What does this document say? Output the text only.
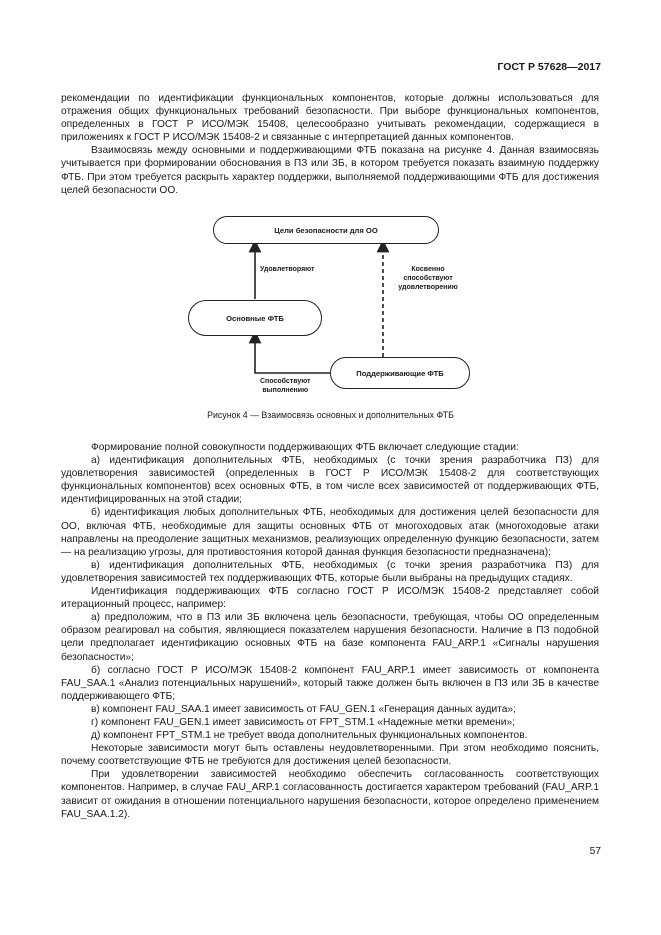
ГОСТ Р 57628—2017

рекомендации по идентификации функциональных компонентов, которые должны использоваться для отражения общих функциональных требований безопасности. При выборе функциональных компонентов, определенных в ГОСТ Р ИСО/МЭК 15408, целесообразно учитывать рекомендации, содержащиеся в приложениях к ГОСТ Р ИСО/МЭК 15408-2 и связанные с интерпретацией данных компонентов.

Взаимосвязь между основными и поддерживающими ФТБ показана на рисунке 4. Данная взаимосвязь учитывается при формировании обоснования в ПЗ или ЗБ, в котором требуется показать взаимную поддержку ФТБ. При этом требуется раскрыть характер поддержки, выполняемой поддерживающими ФТБ для достижения целей безопасности ОО.

Цели безопасности для ОО
Основные ФТБ
Поддерживающие ФТБ
Удовлетворяют	Косвенно
способствуют
удовлетворению
Способствуют
выполнению
Рисунок 4 — Взаимосвязь основных и дополнительных ФТБ

Формирование полной совокупности поддерживающих ФТБ включает следующие стадии:

а) идентификация дополнительных ФТБ, необходимых (с точки зрения разработчика ПЗ) для удовлетворения зависимостей (определенных в ГОСТ Р ИСО/МЭК 15408-2 для соответствующих функциональных компонентов) всех основных ФТБ, в том числе всех зависимостей от поддерживающих ФТБ, идентифицированных на этой стадии;

б) идентификация любых дополнительных ФТБ, необходимых для достижения целей безопасности для ОО, включая ФТБ, необходимые для защиты основных ФТБ от многоходовых атак (многоходовые атаки направлены на преодоление защитных механизмов, реализующих определенную функцию безопасности, затем — на реализацию угрозы, для противостояния которой данная функция безопасности предназначена);

в) идентификация дополнительных ФТБ, необходимых (с точки зрения разработчика ПЗ) для удовлетворения зависимостей тех поддерживающих ФТБ, которые были выбраны на предыдущих стадиях.

Идентификация поддерживающих ФТБ согласно ГОСТ Р ИСО/МЭК 15408-2 представляет собой итерационный процесс, например:

а) предположим, что в ПЗ или ЗБ включена цель безопасности, требующая, чтобы ОО определенным образом реагировал на события, являющиеся показателем нарушения безопасности. Наличие в ПЗ подобной цели предполагает идентификацию основных ФТБ на базе компонента FAU_ARP.1 «Сигналы нарушения безопасности»;

б) согласно ГОСТ Р ИСО/МЭК 15408-2 компонент FAU_ARP.1 имеет зависимость от компонента FAU_SAA.1 «Анализ потенциальных нарушений», который также должен быть включен в ПЗ или ЗБ в качестве поддерживающего ФТБ;

в) компонент FAU_SAA.1 имеет зависимость от FAU_GEN.1 «Генерация данных аудита»;

г) компонент FAU_GEN.1 имеет зависимость от FPT_STM.1 «Надежные метки времени»;

д) компонент FPT_STM.1 не требует ввода дополнительных функциональных компонентов.

Некоторые зависимости могут быть оставлены неудовлетворенными. При этом необходимо пояснить, почему соответствующие ФТБ не требуются для достижения целей безопасности.

При удовлетворении зависимостей необходимо обеспечить согласованность соответствующих компонентов. Например, в случае FAU_ARP.1 согласованность достигается характером требований (FAU_ARP.1 зависит от ожидания в отношении потенциального нарушения безопасности, которое определено применением FAU_SAA.1.2).

57
